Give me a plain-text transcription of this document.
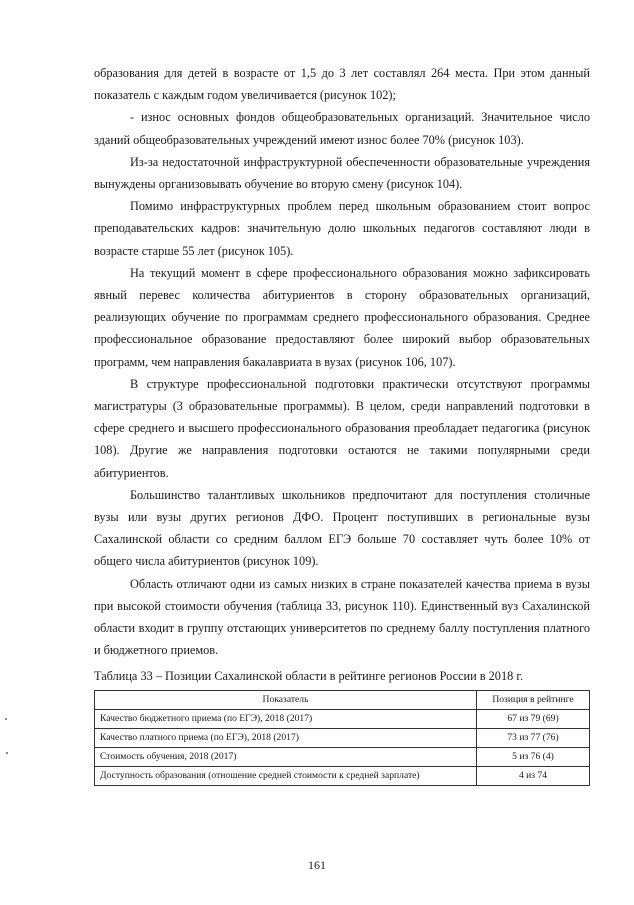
образования для детей в возрасте от 1,5 до 3 лет составлял 264 места. При этом данный показатель с каждым годом увеличивается (рисунок 102);

- износ основных фондов общеобразовательных организаций. Значительное число зданий общеобразовательных учреждений имеют износ более 70% (рисунок 103).

Из-за недостаточной инфраструктурной обеспеченности образовательные учреждения вынуждены организовывать обучение во вторую смену (рисунок 104).

Помимо инфраструктурных проблем перед школьным образованием стоит вопрос преподавательских кадров: значительную долю школьных педагогов составляют люди в возрасте старше 55 лет (рисунок 105).

На текущий момент в сфере профессионального образования можно зафиксировать явный перевес количества абитуриентов в сторону образовательных организаций, реализующих обучение по программам среднего профессионального образования. Среднее профессиональное образование предоставляют более широкий выбор образовательных программ, чем направления бакалавриата в вузах (рисунок 106, 107).

В структуре профессиональной подготовки практически отсутствуют программы магистратуры (3 образовательные программы). В целом, среди направлений подготовки в сфере среднего и высшего профессионального образования преобладает педагогика (рисунок 108). Другие же направления подготовки остаются не такими популярными среди абитуриентов.

Большинство талантливых школьников предпочитают для поступления столичные вузы или вузы других регионов ДФО. Процент поступивших в региональные вузы Сахалинской области со средним баллом ЕГЭ больше 70 составляет чуть более 10% от общего числа абитуриентов (рисунок 109).

Область отличают одни из самых низких в стране показателей качества приема в вузы при высокой стоимости обучения (таблица 33, рисунок 110). Единственный вуз Сахалинской области входит в группу отстающих университетов по среднему баллу поступления платного и бюджетного приемов.

Таблица 33 – Позиции Сахалинской области в рейтинге регионов России в 2018 г.

Показатель	Позиция в рейтинге
Качество бюджетного приема (по ЕГЭ), 2018 (2017)	67 из 79 (69)
Качество платного приема (по ЕГЭ), 2018 (2017)	73 из 77 (76)
Стоимость обучения, 2018 (2017)	5 из 76 (4)
Доступность образования (отношение средней стоимости к средней зарплате)	4 из 74
161
